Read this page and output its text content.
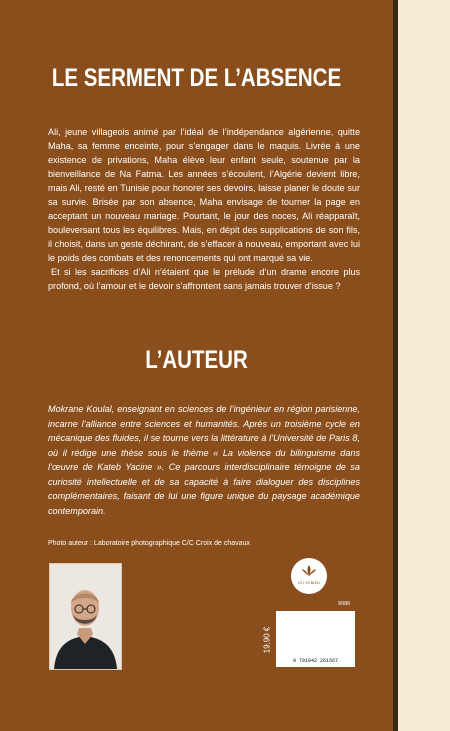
LE SERMENT DE L’ABSENCE

Ali, jeune villageois animé par l’idéal de l’indépendance algérienne, quitte Maha, sa femme enceinte, pour s’engager dans le maquis. Livrée à une existence de privations, Maha élève leur enfant seule, soutenue par la bienveillance de Na Fatma. Les années s’écoulent, l’Algérie devient libre, mais Ali, resté en Tunisie pour honorer ses devoirs, laisse planer le doute sur sa survie. Brisée par son absence, Maha envisage de tourner la page en acceptant un nouveau mariage. Pourtant, le jour des noces, Ali réapparaît, bouleversant tous les équilibres. Mais, en dépit des supplications de son fils, il choisit, dans un geste déchirant, de s’effacer à nouveau, emportant avec lui le poids des combats et des renoncements qui ont marqué sa vie.

Et si les sacrifices d’Ali n’étaient que le prélude d’un drame encore plus profond, où l’amour et le devoir s’affrontent sans jamais trouver d’issue ?

L’AUTEUR

Mokrane Koulal, enseignant en sciences de l’ingénieur en région parisienne, incarne l’alliance entre sciences et humanités. Après un troisième cycle en mécanique des fluides, il se tourne vers la littérature à l’Université de Paris 8, où il rédige une thèse sous le thème « La violence du bilinguisme dans l’œuvre de Kateb Yacine ». Ce parcours interdisciplinaire témoigne de sa curiosité intellectuelle et de sa capacité à faire dialoguer des disciplines complémentaires, faisant de lui une figure unique du paysage académique contemporain.

Photo auteur : Laboratoire photographique C/C Croix de chavaux
LE LYS BLEU
9986
19,90 €
9 791042 261567
